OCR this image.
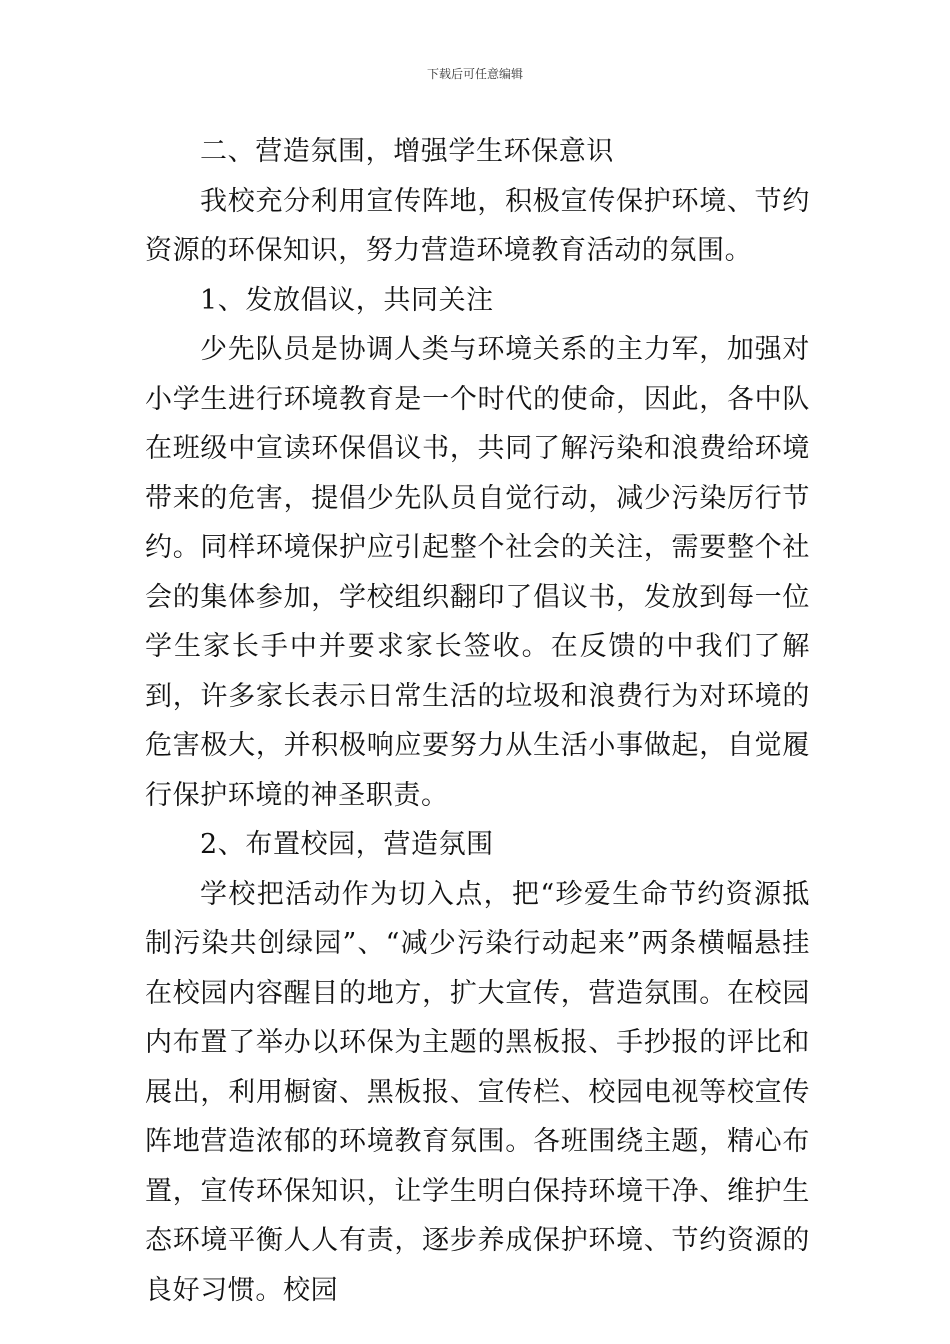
下载后可任意编辑

二、营造氛围，增强学生环保意识

我校充分利用宣传阵地，积极宣传保护环境、节约资源的环保知识，努力营造环境教育活动的氛围。

1、发放倡议，共同关注

少先队员是协调人类与环境关系的主力军，加强对小学生进行环境教育是一个时代的使命，因此，各中队在班级中宣读环保倡议书，共同了解污染和浪费给环境带来的危害，提倡少先队员自觉行动，减少污染厉行节约。同样环境保护应引起整个社会的关注，需要整个社会的集体参加，学校组织翻印了倡议书，发放到每一位学生家长手中并要求家长签收。在反馈的中我们了解到，许多家长表示日常生活的垃圾和浪费行为对环境的危害极大，并积极响应要努力从生活小事做起，自觉履行保护环境的神圣职责。

2、布置校园，营造氛围

学校把活动作为切入点，把“珍爱生命节约资源抵制污染共创绿园”、“减少污染行动起来”两条横幅悬挂在校园内容醒目的地方，扩大宣传，营造氛围。在校园内布置了举办以环保为主题的黑板报、手抄报的评比和展出，利用橱窗、黑板报、宣传栏、校园电视等校宣传阵地营造浓郁的环境教育氛围。各班围绕主题，精心布置，宣传环保知识，让学生明白保持环境干净、维护生态环境平衡人人有责，逐步养成保护环境、节约资源的良好习惯。校园
